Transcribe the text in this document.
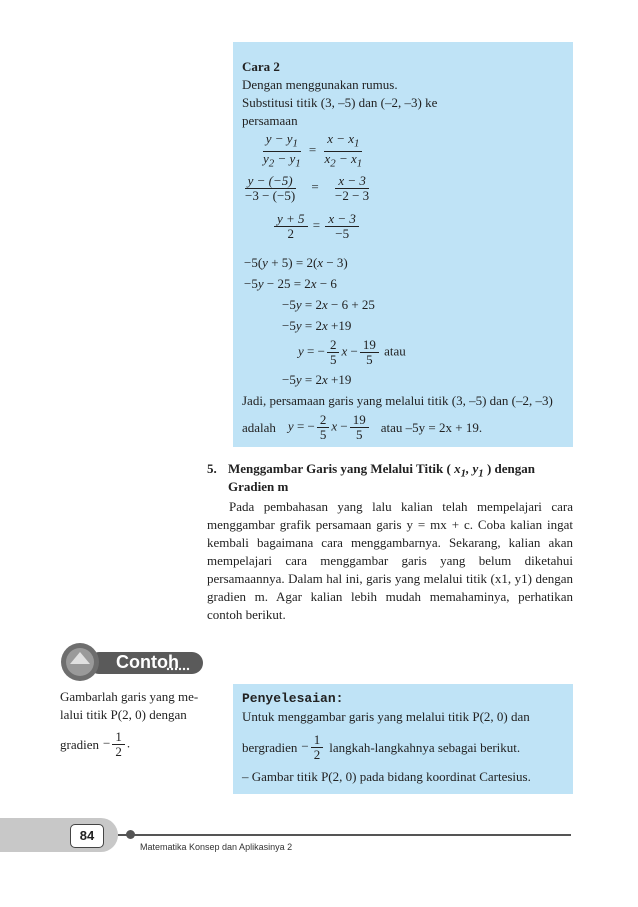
Cara 2
Dengan menggunakan rumus.
Substitusi titik (3, –5) dan (–2, –3) ke
persamaan
$\frac{y - y_1}{y_2 - y_1} = \frac{x - x_1}{x_2 - x_1}$
$\frac{y - (-5)}{-3 - (-5)} = \frac{x - 3}{-2 - 3}$
$\frac{y + 5}{2} = \frac{x - 3}{-5}$
−5(y + 5) = 2(x − 3)
−5y − 25 = 2x − 6
−5y = 2x − 6 + 25
−5y = 2x +19
y = − $\frac{2}{5}$ $x - \frac{19}{5}$ atau
−5y = 2x +19
Jadi, persamaan garis yang melalui titik (3, –5) dan (–2, –3)
adalah y = − $\frac{2}{5}$ $x - \frac{19}{5}$ atau –5y = 2x + 19.
5. Menggambar Garis yang Melalui Titik ( $x_1$, $y_1$ ) dengan
Gradien m
Pada pembahasan yang lalu kalian telah mempelajari cara menggambar grafik persamaan garis y = mx + c. Coba kalian ingat kembali bagaimana cara menggambarnya. Sekarang, kalian akan mempelajari cara menggambar garis yang belum diketahui persamaannya. Dalam hal ini, garis yang melalui titik (x1, y1) dengan gradien m. Agar kalian lebih mudah memahaminya, perhatikan contoh berikut.
Contoh
Gambarlah garis yang me-
lalui titik P(2, 0) dengan
gradien − $\frac{1}{2}$ .
Penyelesaian:
Untuk menggambar garis yang melalui titik P(2, 0) dan
bergradien − $\frac{1}{2}$ langkah-langkahnya sebagai berikut.
– Gambar titik P(2, 0) pada bidang koordinat Cartesius.
84
Matematika Konsep dan Aplikasinya 2
